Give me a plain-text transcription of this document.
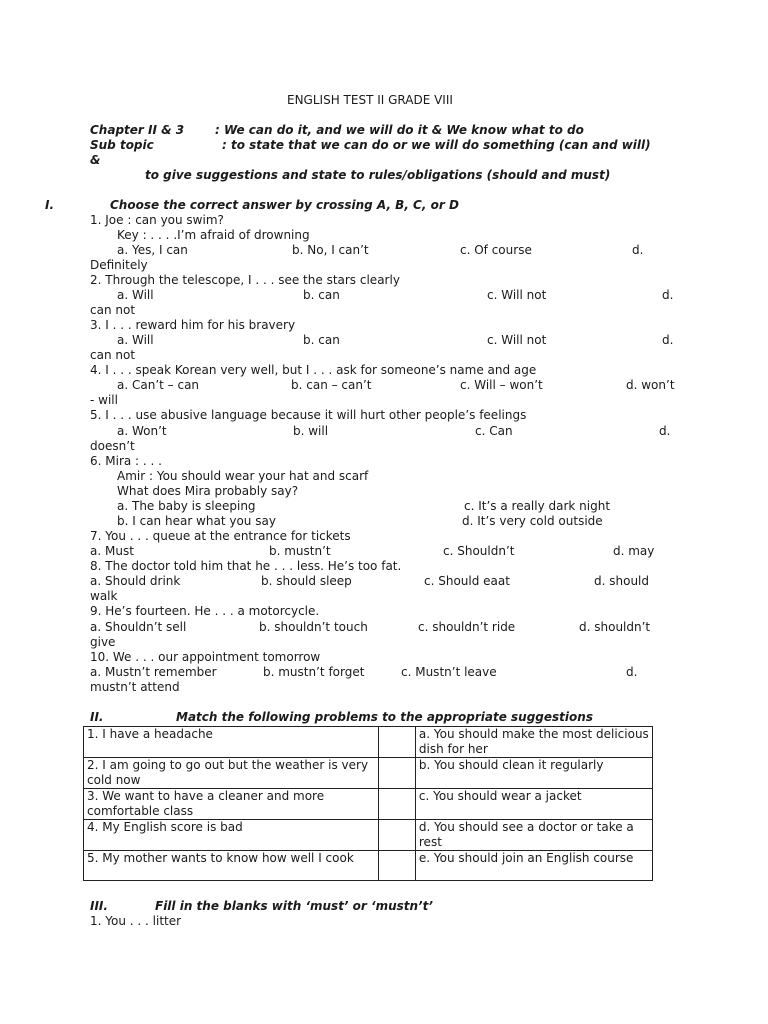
ENGLISH TEST II GRADE VIII
Chapter II & 3	: We can do it, and we will do it & We know what to do
Sub topic	: to state that we can do or we will do something (can and will)
&
to give suggestions and state to rules/obligations (should and must)
I.	Choose the correct answer by crossing A, B, C, or D
1. Joe : can you swim?
Key : . . . .I’m afraid of drowning
a. Yes, I can	b. No, I can’t	c. Of course	d.
Definitely
2. Through the telescope, I . . . see the stars clearly
a. Will	b. can	c. Will not	d.
can not
3. I . . . reward him for his bravery
a. Will	b. can	c. Will not	d.
can not
4. I . . . speak Korean very well, but I . . . ask for someone’s name and age
a. Can’t – can	b. can – can’t	c. Will – won’t	d. won’t
- will
5. I . . . use abusive language because it will hurt other people’s feelings
a. Won’t	b. will	c. Can	d.
doesn’t
6. Mira : . . .
Amir : You should wear your hat and scarf
What does Mira probably say?
a. The baby is sleeping	c. It’s a really dark night
b. I can hear what you say	d. It’s very cold outside
7. You . . . queue at the entrance for tickets
a. Must	b. mustn’t	c. Shouldn’t	d. may
8. The doctor told him that he . . . less. He’s too fat.
a. Should drink	b. should sleep	c. Should eaat	d. should
walk
9. He’s fourteen. He . . . a motorcycle.
a. Shouldn’t sell	b. shouldn’t touch	c. shouldn’t ride	d. shouldn’t
give
10. We . . . our appointment tomorrow
a. Mustn’t remember	b. mustn’t forget	c. Mustn’t leave	d.
mustn’t attend
II.	Match the following problems to the appropriate suggestions
1. I have a headache		a. You should make the most delicious dish for her
2. I am going to go out but the weather is very cold now		b. You should clean it regularly
3. We want to have a cleaner and more comfortable class		c. You should wear a jacket
4. My English score is bad		d. You should see a doctor or take a rest
5. My mother wants to know how well I cook		e. You should join an English course
III.	Fill in the blanks with ‘must’ or ‘mustn’t’
1. You . . . litter
